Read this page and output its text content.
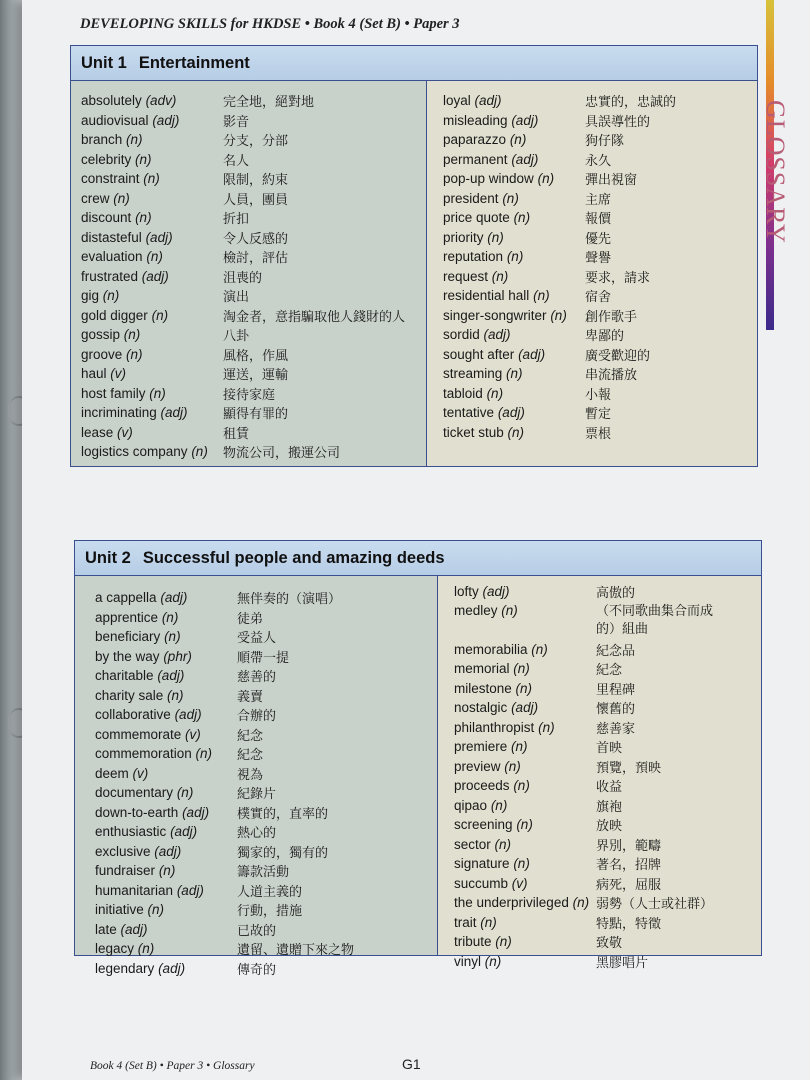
DEVELOPING SKILLS for HKDSE • Book 4 (Set B) • Paper 3

GLOSSARY
Unit 1 Entertainment
absolutely (adv)	完全地，絕對地
audiovisual (adj)	影音
branch (n)	分支，分部
celebrity (n)	名人
constraint (n)	限制，約束
crew (n)	人員，團員
discount (n)	折扣
distasteful (adj)	令人反感的
evaluation (n)	檢討，評估
frustrated (adj)	沮喪的
gig (n)	演出
gold digger (n)	淘金者，意指騙取他人錢財的人
gossip (n)	八卦
groove (n)	風格，作風
haul (v)	運送，運輸
host family (n)	接待家庭
incriminating (adj)	顯得有罪的
lease (v)	租賃
logistics company (n)	物流公司，搬運公司
loyal (adj)	忠實的，忠誠的
misleading (adj)	具誤導性的
paparazzo (n)	狗仔隊
permanent (adj)	永久
pop-up window (n)	彈出視窗
president (n)	主席
price quote (n)	報價
priority (n)	優先
reputation (n)	聲譽
request (n)	要求，請求
residential hall (n)	宿舍
singer-songwriter (n)	創作歌手
sordid (adj)	卑鄙的
sought after (adj)	廣受歡迎的
streaming (n)	串流播放
tabloid (n)	小報
tentative (adj)	暫定
ticket stub (n)	票根
Unit 2 Successful people and amazing deeds
a cappella (adj)	無伴奏的（演唱）
apprentice (n)	徒弟
beneficiary (n)	受益人
by the way (phr)	順帶一提
charitable (adj)	慈善的
charity sale (n)	義賣
collaborative (adj)	合辦的
commemorate (v)	紀念
commemoration (n)	紀念
deem (v)	視為
documentary (n)	紀錄片
down-to-earth (adj)	樸實的，直率的
enthusiastic (adj)	熱心的
exclusive (adj)	獨家的，獨有的
fundraiser (n)	籌款活動
humanitarian (adj)	人道主義的
initiative (n)	行動，措施
late (adj)	已故的
legacy (n)	遺留、遺贈下來之物
legendary (adj)	傳奇的
lofty (adj)	高傲的
medley (n)	（不同歌曲集合而成的）組曲
memorabilia (n)	紀念品
memorial (n)	紀念
milestone (n)	里程碑
nostalgic (adj)	懷舊的
philanthropist (n)	慈善家
premiere (n)	首映
preview (n)	預覽，預映
proceeds (n)	收益
qipao (n)	旗袍
screening (n)	放映
sector (n)	界別，範疇
signature (n)	著名，招牌
succumb (v)	病死，屈服
the underprivileged (n) 弱勢（人士或社群）
trait (n)	特點，特徵
tribute (n)	致敬
vinyl (n)	黑膠唱片

Book 4 (Set B) • Paper 3 • Glossary	G1
